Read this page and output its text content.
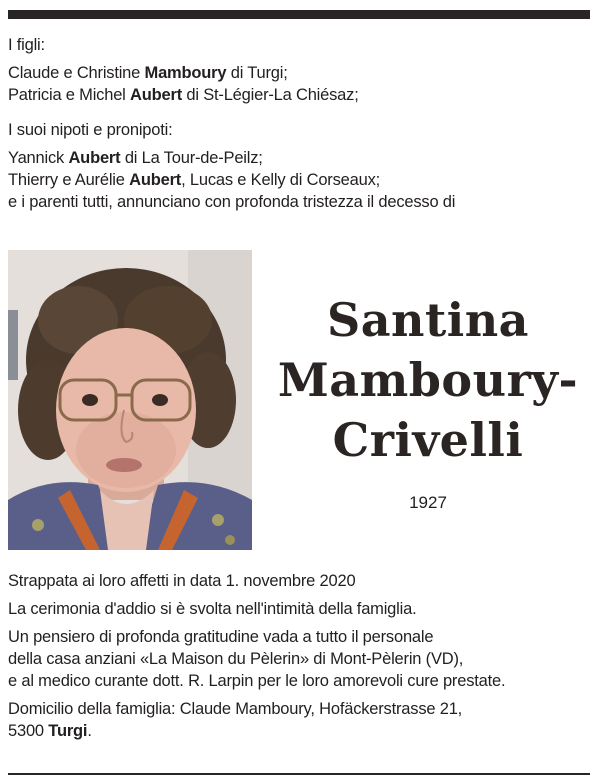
I figli:

Claude e Christine Mamboury di Turgi;

Patricia e Michel Aubert di St-Légier-La Chiésaz;

I suoi nipoti e pronipoti:

Yannick Aubert di La Tour-de-Peilz;

Thierry e Aurélie Aubert, Lucas e Kelly di Corseaux;

e i parenti tutti, annunciano con profonda tristezza il decesso di

Santina
Mamboury-
Crivelli
1927

Strappata ai loro affetti in data 1. novembre 2020

La cerimonia d'addio si è svolta nell'intimità della famiglia.

Un pensiero di profonda gratitudine vada a tutto il personale

della casa anziani «La Maison du Pèlerin» di Mont-Pèlerin (VD),

e al medico curante dott. R. Larpin per le loro amorevoli cure prestate.

Domicilio della famiglia: Claude Mamboury, Hofäckerstrasse 21,

5300 Turgi.
